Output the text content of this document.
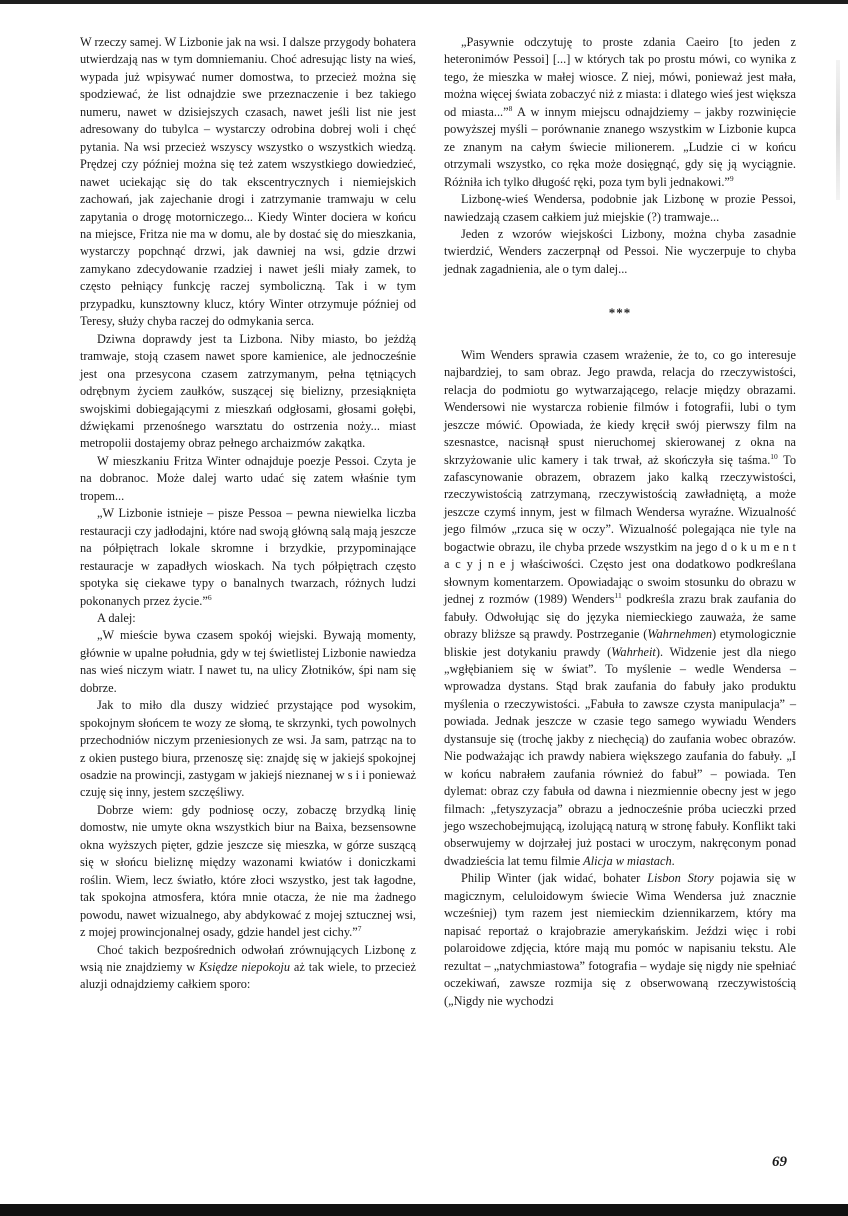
W rzeczy samej. W Lizbonie jak na wsi. I dalsze przygody bohatera utwierdzają nas w tym domniemaniu. Choć adresując listy na wieś, wypada już wpisywać numer domostwa, to przecież można się spodziewać, że list odnajdzie swe przeznaczenie i bez takiego numeru, nawet w dzisiejszych czasach, nawet jeśli list nie jest adresowany do tubylca – wystarczy odrobina dobrej woli i chęć pytania. Na wsi przecież wszyscy wszystko o wszystkich wiedzą. Prędzej czy później można się też zatem wszystkiego dowiedzieć, nawet uciekając się do tak ekscentrycznych i niemiejskich zachowań, jak zajechanie drogi i zatrzymanie tramwaju w celu zapytania o drogę motorniczego... Kiedy Winter dociera w końcu na miejsce, Fritza nie ma w domu, ale by dostać się do mieszkania, wystarczy popchnąć drzwi, jak dawniej na wsi, gdzie drzwi zamykano zdecydowanie rzadziej i nawet jeśli miały zamek, to często pełniący funkcję raczej symboliczną. Tak i w tym przypadku, kunsztowny klucz, który Winter otrzymuje później od Teresy, służy chyba raczej do odmykania serca.

Dziwna doprawdy jest ta Lizbona. Niby miasto, bo jeżdżą tramwaje, stoją czasem nawet spore kamienice, ale jednocześnie jest ona przesycona czasem zatrzymanym, pełna tętniących odrębnym życiem zaułków, suszącej się bielizny, przesiąknięta swojskimi dobiegającymi z mieszkań odgłosami, głosami gołębi, dźwiękami przenośnego warsztatu do ostrzenia noży... miast metropolii dostajemy obraz pełnego archaizmów zakątka.

W mieszkaniu Fritza Winter odnajduje poezje Pessoi. Czyta je na dobranoc. Może dalej warto udać się zatem właśnie tym tropem...

„W Lizbonie istnieje – pisze Pessoa – pewna niewielka liczba restauracji czy jadłodajni, które nad swoją główną salą mają jeszcze na półpiętrach lokale skromne i brzydkie, przypominające restauracje w zapadłych wioskach. Na tych półpiętrach często spotyka się ciekawe typy o banalnych twarzach, różnych ludzi pokonanych przez życie.”$^6$

A dalej:

„W mieście bywa czasem spokój wiejski. Bywają momenty, głównie w upalne południa, gdy w tej świetlistej Lizbonie nawiedza nas wieś niczym wiatr. I nawet tu, na ulicy Złotników, śpi nam się dobrze.

Jak to miło dla duszy widzieć przystające pod wysokim, spokojnym słońcem te wozy ze słomą, te skrzynki, tych powolnych przechodniów niczym przeniesionych ze wsi. Ja sam, patrząc na to z okien pustego biura, przenoszę się: znajdę się w jakiejś spokojnej osadzie na prowincji, zastygam w jakiejś nieznanej w s i i ponieważ czuję się inny, jestem szczęśliwy.

Dobrze wiem: gdy podniosę oczy, zobaczę brzydką linię domostw, nie umyte okna wszystkich biur na Baixa, bezsensowne okna wyższych pięter, gdzie jeszcze się mieszka, w górze suszącą się w słońcu bieliznę między wazonami kwiatów i doniczkami roślin. Wiem, lecz światło, które złoci wszystko, jest tak łagodne, tak spokojna atmosfera, która mnie otacza, że nie ma żadnego powodu, nawet wizualnego, aby abdykować z mojej sztucznej wsi, z mojej prowincjonalnej osady, gdzie handel jest cichy.”$^7$

Choć takich bezpośrednich odwołań zrównujących Lizbonę z wsią nie znajdziemy w Księdze niepokoju aż tak wiele, to przecież aluzji odnajdziemy całkiem sporo:

„Pasywnie odczytuję to proste zdania Caeiro [to jeden z heteronimów Pessoi] [...] w których tak po prostu mówi, co wynika z tego, że mieszka w małej wiosce. Z niej, mówi, ponieważ jest mała, można więcej świata zobaczyć niż z miasta: i dlatego wieś jest większa od miasta...”$^8$ A w innym miejscu odnajdziemy – jakby rozwinięcie powyższej myśli – porównanie znanego wszystkim w Lizbonie kupca ze znanym na całym świecie milionerem. „Ludzie ci w końcu otrzymali wszystko, co ręka może dosięgnąć, gdy się ją wyciągnie. Różniła ich tylko długość ręki, poza tym byli jednakowi.”$^9$

Lizbonę-wieś Wendersa, podobnie jak Lizbonę w prozie Pessoi, nawiedzają czasem całkiem już miejskie (?) tramwaje...

Jeden z wzorów wiejskości Lizbony, można chyba zasadnie twierdzić, Wenders zaczerpnął od Pessoi. Nie wyczerpuje to chyba jednak zagadnienia, ale o tym dalej...

***

Wim Wenders sprawia czasem wrażenie, że to, co go interesuje najbardziej, to sam obraz. Jego prawda, relacja do rzeczywistości, relacja do podmiotu go wytwarzającego, relacje między obrazami. Wendersowi nie wystarcza robienie filmów i fotografii, lubi o tym jeszcze mówić. Opowiada, że kiedy kręcił swój pierwszy film na szesnastce, nacisnął spust nieruchomej skierowanej z okna na skrzyżowanie ulic kamery i tak trwał, aż skończyła się taśma.$^{10}$ To zafascynowanie obrazem, obrazem jako kalką rzeczywistości, rzeczywistością zatrzymaną, rzeczywistością zawładniętą, a może jeszcze czymś innym, jest w filmach Wendersa wyraźne. Wizualność jego filmów „rzuca się w oczy”. Wizualność polegająca nie tyle na bogactwie obrazu, ile chyba przede wszystkim na jego d o k u m e n t a c y j n e j właściwości. Często jest ona dodatkowo podkreślana słownym komentarzem. Opowiadając o swoim stosunku do obrazu w jednej z rozmów (1989) Wenders$^{11}$ podkreśla zrazu brak zaufania do fabuły. Odwołując się do języka niemieckiego zauważa, że same obrazy bliższe są prawdy. Postrzeganie (Wahrnehmen) etymologicznie bliskie jest dotykaniu prawdy (Wahrheit). Widzenie jest dla niego „wgłębianiem się w świat”. To myślenie – wedle Wendersa – wprowadza dystans. Stąd brak zaufania do fabuły jako produktu myślenia o rzeczywistości. „Fabuła to zawsze czysta manipulacja” – powiada. Jednak jeszcze w czasie tego samego wywiadu Wenders dystansuje się (trochę jakby z niechęcią) do zaufania wobec obrazów. Nie podważając ich prawdy nabiera większego zaufania do fabuły. „I w końcu nabrałem zaufania również do fabuł” – powiada. Ten dylemat: obraz czy fabuła od dawna i niezmiennie obecny jest w jego filmach: „fetyszyzacja” obrazu a jednocześnie próba ucieczki przed jego wszechobejmującą, izolującą naturą w stronę fabuły. Konflikt taki obserwujemy w dojrzałej już postaci w uroczym, nakręconym ponad dwadzieścia lat temu filmie Alicja w miastach.

Philip Winter (jak widać, bohater Lisbon Story pojawia się w magicznym, celuloidowym świecie Wima Wendersa już znacznie wcześniej) tym razem jest niemieckim dziennikarzem, który ma napisać reportaż o krajobrazie amerykańskim. Jeździ więc i robi polaroidowe zdjęcia, które mają mu pomóc w napisaniu tekstu. Ale rezultat – „natychmiastowa” fotografia – wydaje się nigdy nie spełniać oczekiwań, zawsze rozmija się z obserwowaną rzeczywistością („Nigdy nie wychodzi

69
